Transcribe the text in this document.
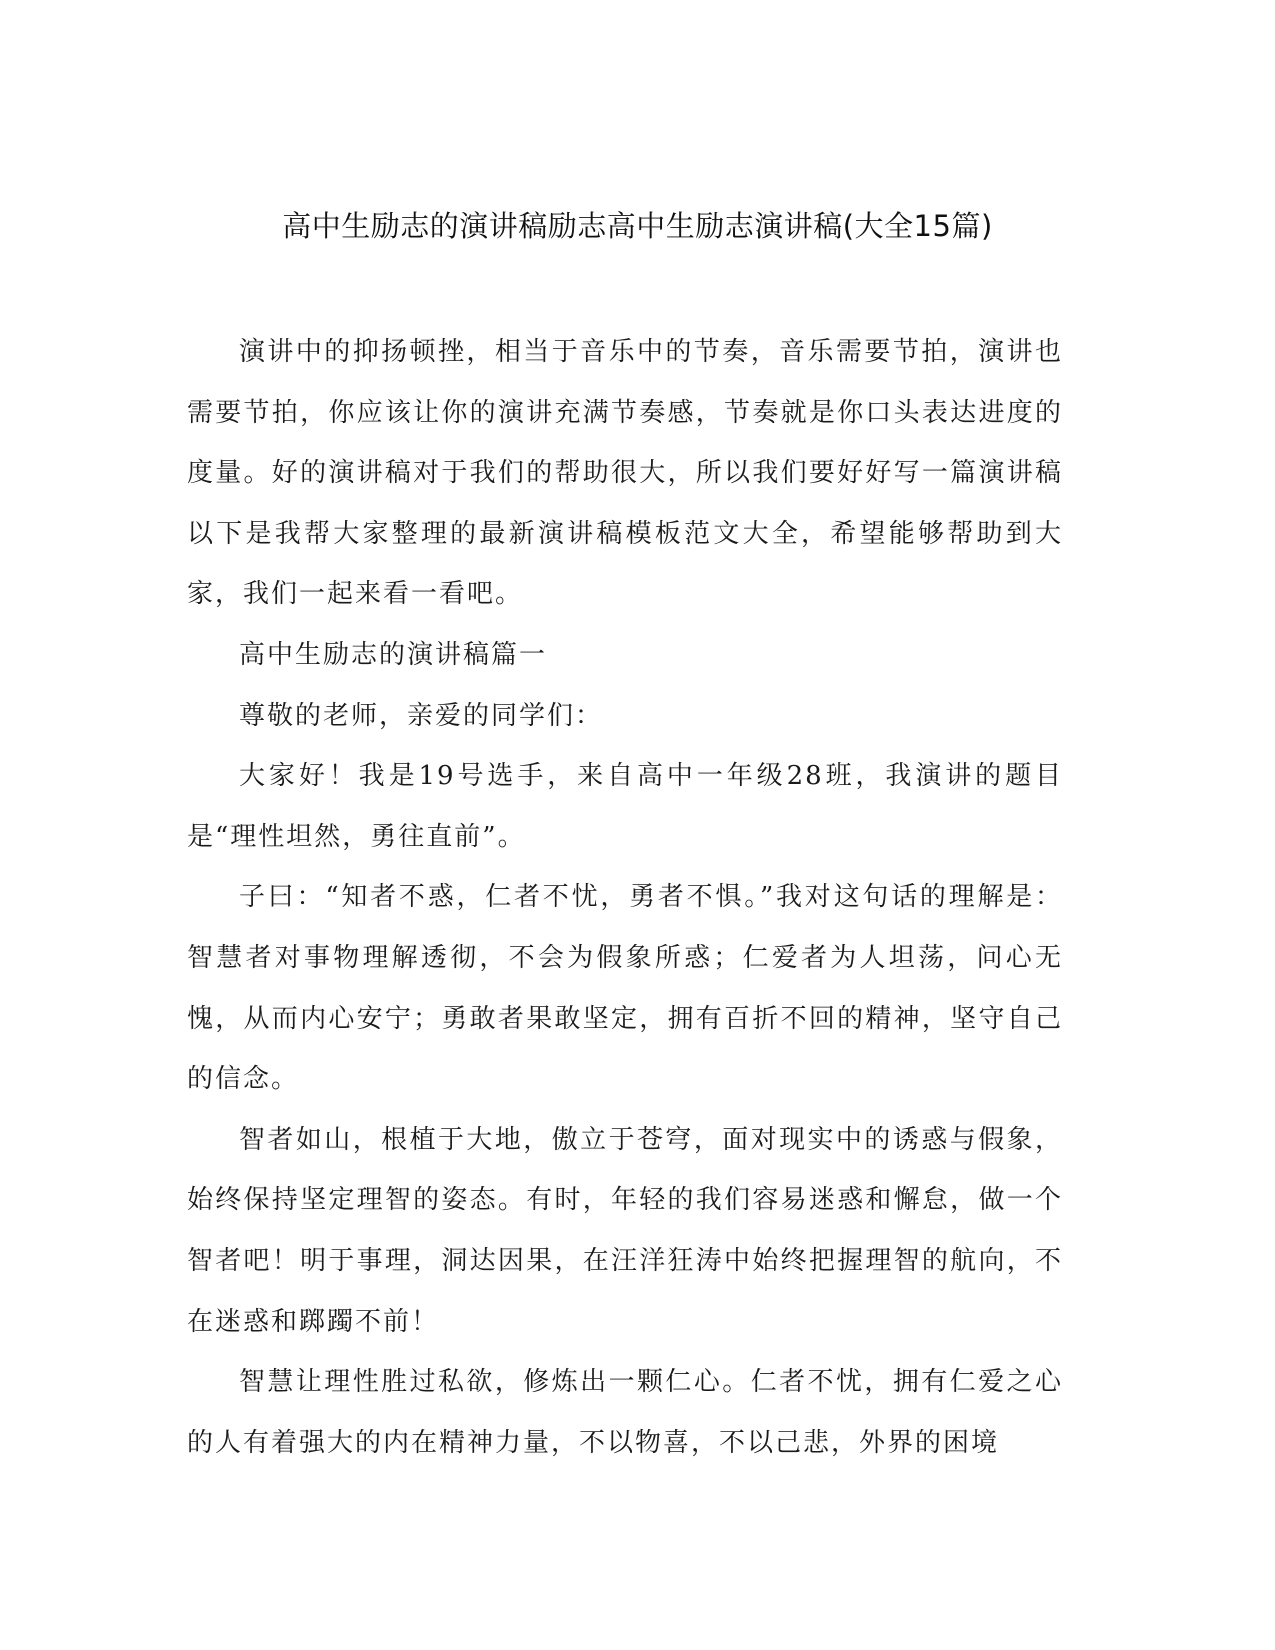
高中生励志的演讲稿励志高中生励志演讲稿(大全15篇)

演讲中的抑扬顿挫，相当于音乐中的节奏，音乐需要节拍，演讲也需要节拍，你应该让你的演讲充满节奏感，节奏就是你口头表达进度的度量。好的演讲稿对于我们的帮助很大，所以我们要好好写一篇演讲稿以下是我帮大家整理的最新演讲稿模板范文大全，希望能够帮助到大家，我们一起来看一看吧。

高中生励志的演讲稿篇一

尊敬的老师，亲爱的同学们：

大家好！我是19号选手，来自高中一年级28班，我演讲的题目是“理性坦然，勇往直前”。

子曰：“知者不惑，仁者不忧，勇者不惧。”我对这句话的理解是：智慧者对事物理解透彻，不会为假象所惑；仁爱者为人坦荡，问心无愧，从而内心安宁；勇敢者果敢坚定，拥有百折不回的精神，坚守自己的信念。

智者如山，根植于大地，傲立于苍穹，面对现实中的诱惑与假象，始终保持坚定理智的姿态。有时，年轻的我们容易迷惑和懈怠，做一个智者吧！明于事理，洞达因果，在汪洋狂涛中始终把握理智的航向，不在迷惑和踯躅不前！

智慧让理性胜过私欲，修炼出一颗仁心。仁者不忧，拥有仁爱之心的人有着强大的内在精神力量，不以物喜，不以己悲，外界的困境
